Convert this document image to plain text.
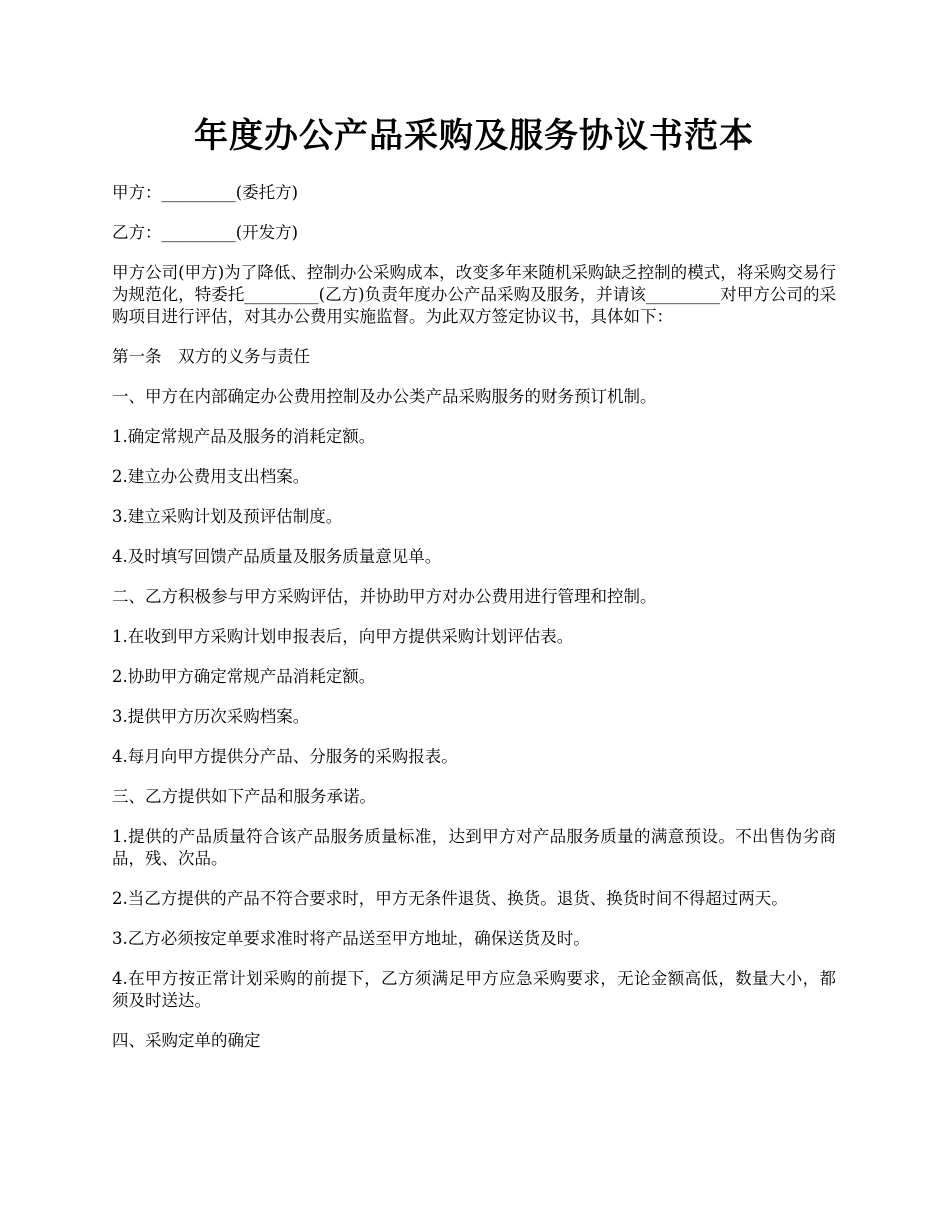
年度办公产品采购及服务协议书范本

甲方：_________(委托方)

乙方：_________(开发方)

甲方公司(甲方)为了降低、控制办公采购成本，改变多年来随机采购缺乏控制的模式，将采购交易行为规范化，特委托_________(乙方)负责年度办公产品采购及服务，并请该_________对甲方公司的采购项目进行评估，对其办公费用实施监督。为此双方签定协议书，具体如下：

第一条　双方的义务与责任

一、甲方在内部确定办公费用控制及办公类产品采购服务的财务预订机制。

1.确定常规产品及服务的消耗定额。

2.建立办公费用支出档案。

3.建立采购计划及预评估制度。

4.及时填写回馈产品质量及服务质量意见单。

二、乙方积极参与甲方采购评估，并协助甲方对办公费用进行管理和控制。

1.在收到甲方采购计划申报表后，向甲方提供采购计划评估表。

2.协助甲方确定常规产品消耗定额。

3.提供甲方历次采购档案。

4.每月向甲方提供分产品、分服务的采购报表。

三、乙方提供如下产品和服务承诺。

1.提供的产品质量符合该产品服务质量标准，达到甲方对产品服务质量的满意预设。不出售伪劣商品，残、次品。

2.当乙方提供的产品不符合要求时，甲方无条件退货、换货。退货、换货时间不得超过两天。

3.乙方必须按定单要求准时将产品送至甲方地址，确保送货及时。

4.在甲方按正常计划采购的前提下，乙方须满足甲方应急采购要求，无论金额高低，数量大小，都须及时送达。

四、采购定单的确定
